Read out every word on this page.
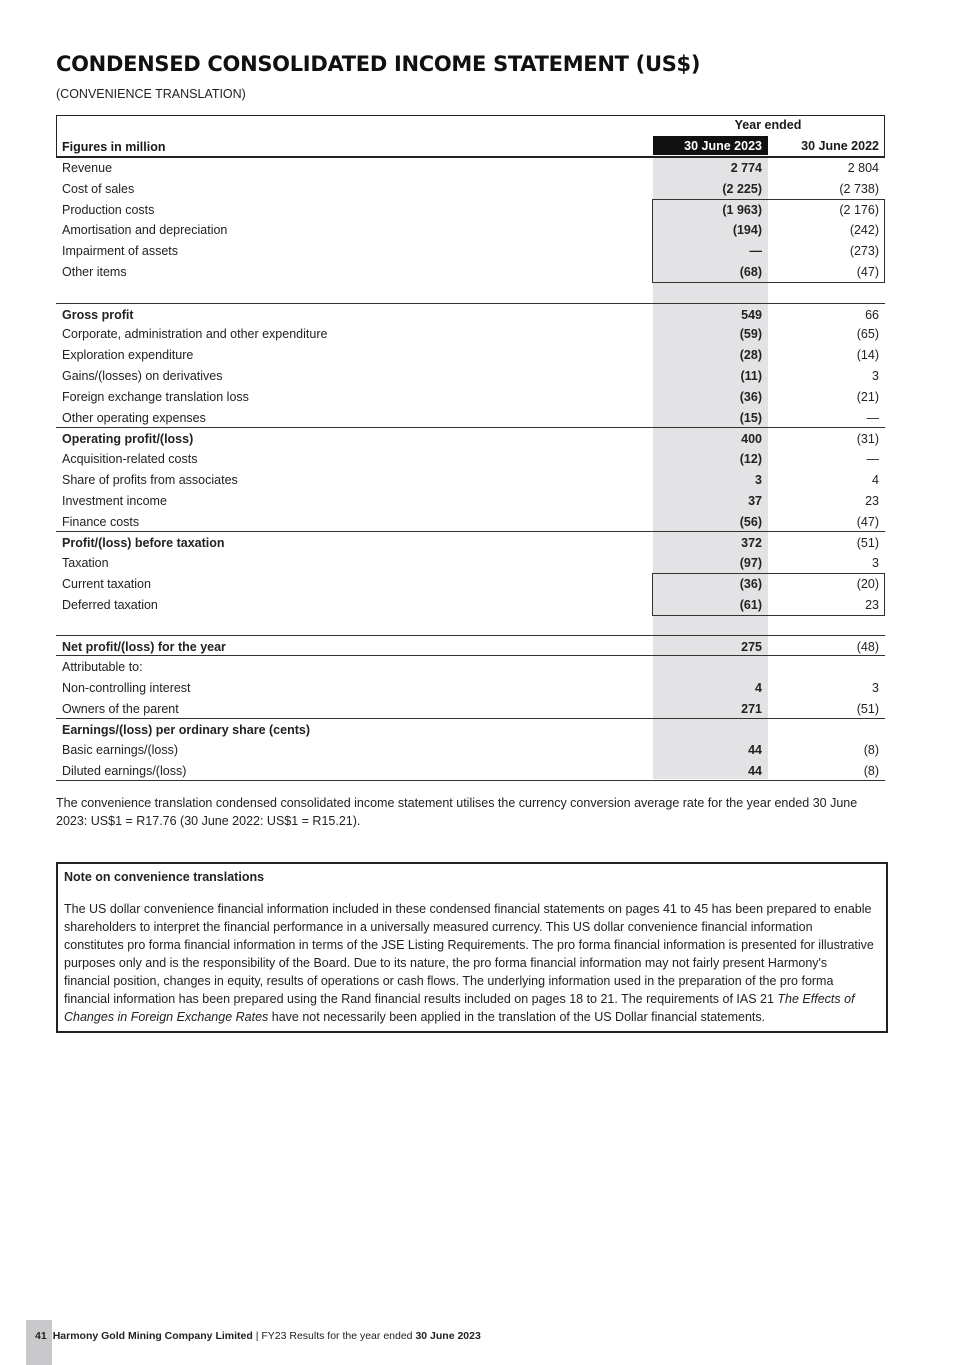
CONDENSED CONSOLIDATED INCOME STATEMENT (US$)
(CONVENIENCE TRANSLATION)
Year ended
Figures in million	30 June 2023	30 June 2022
Revenue	2 774	2 804
Cost of sales	(2 225)	(2 738)
Production costs	(1 963)	(2 176)
Amortisation and depreciation	(194)	(242)
Impairment of assets	—	(273)
Other items	(68)	(47)
Gross profit	549	66
Corporate, administration and other expenditure	(59)	(65)
Exploration expenditure	(28)	(14)
Gains/(losses) on derivatives	(11)	3
Foreign exchange translation loss	(36)	(21)
Other operating expenses	(15)	—
Operating profit/(loss)	400	(31)
Acquisition-related costs	(12)	—
Share of profits from associates	3	4
Investment income	37	23
Finance costs	(56)	(47)
Profit/(loss) before taxation	372	(51)
Taxation	(97)	3
Current taxation	(36)	(20)
Deferred taxation	(61)	23
Net profit/(loss) for the year	275	(48)
Attributable to:
Non-controlling interest	4	3
Owners of the parent	271	(51)
Earnings/(loss) per ordinary share (cents)
Basic earnings/(loss)	44	(8)
Diluted earnings/(loss)	44	(8)
The convenience translation condensed consolidated income statement utilises the currency conversion average rate for the year ended 30 June 2023: US$1 = R17.76 (30 June 2022: US$1 = R15.21).
Note on convenience translations
The US dollar convenience financial information included in these condensed financial statements on pages 41 to 45 has been prepared to enable shareholders to interpret the financial performance in a universally measured currency. This US dollar convenience financial information constitutes pro forma financial information in terms of the JSE Listing Requirements. The pro forma financial information is presented for illustrative purposes only and is the responsibility of the Board. Due to its nature, the pro forma financial information may not fairly present Harmony's financial position, changes in equity, results of operations or cash flows. The underlying information used in the preparation of the pro forma financial information has been prepared using the Rand financial results included on pages 18 to 21. The requirements of IAS 21 The Effects of Changes in Foreign Exchange Rates have not necessarily been applied in the translation of the US Dollar financial statements.
41 Harmony Gold Mining Company Limited | FY23 Results for the year ended 30 June 2023
